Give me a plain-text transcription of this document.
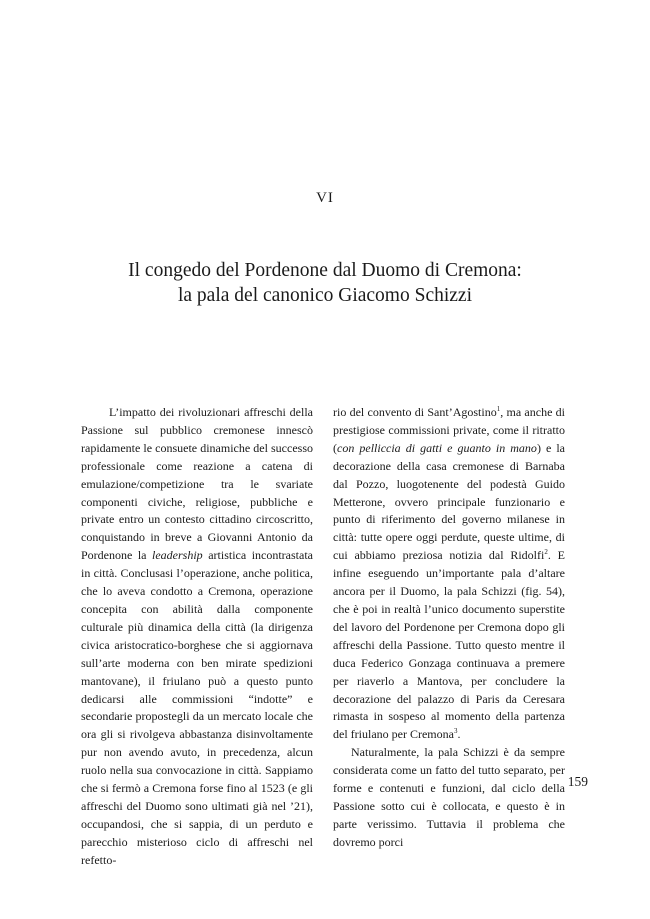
VI
Il congedo del Pordenone dal Duomo di Cremona:
la pala del canonico Giacomo Schizzi

L’impatto dei rivoluzionari affreschi della Passione sul pubblico cremonese innescò rapidamente le consuete dinamiche del successo professionale come reazione a catena di emulazione/competizione tra le svariate componenti civiche, religiose, pubbliche e private entro un contesto cittadino circoscritto, conquistando in breve a Giovanni Antonio da Pordenone la leadership artistica incontrastata in città. Conclusasi l’operazione, anche politica, che lo aveva condotto a Cremona, operazione concepita con abilità dalla componente culturale più dinamica della città (la dirigenza civica aristocratico-borghese che si aggiornava sull’arte moderna con ben mirate spedizioni mantovane), il friulano può a questo punto dedicarsi alle commissioni “indotte” e secondarie propostegli da un mercato locale che ora gli si rivolgeva abbastanza disinvoltamente pur non avendo avuto, in precedenza, alcun ruolo nella sua convocazione in città. Sappiamo che si fermò a Cremona forse fino al 1523 (e gli affreschi del Duomo sono ultimati già nel ’21), occupandosi, che si sappia, di un perduto e parecchio misterioso ciclo di affreschi nel refetto-

rio del convento di Sant’Agostino$^1$, ma anche di prestigiose commissioni private, come il ritratto (con pelliccia di gatti e guanto in mano) e la decorazione della casa cremonese di Barnaba dal Pozzo, luogotenente del podestà Guido Metterone, ovvero principale funzionario e punto di riferimento del governo milanese in città: tutte opere oggi perdute, queste ultime, di cui abbiamo preziosa notizia dal Ridolfi$^2$. E infine eseguendo un’importante pala d’altare ancora per il Duomo, la pala Schizzi (fig. 54), che è poi in realtà l’unico documento superstite del lavoro del Pordenone per Cremona dopo gli affreschi della Passione. Tutto questo mentre il duca Federico Gonzaga continuava a premere per riaverlo a Mantova, per concludere la decorazione del palazzo di Paris da Ceresara rimasta in sospeso al momento della partenza del friulano per Cremona$^3$.

Naturalmente, la pala Schizzi è da sempre considerata come un fatto del tutto separato, per forme e contenuti e funzioni, dal ciclo della Passione sotto cui è collocata, e questo è in parte verissimo. Tuttavia il problema che dovremo porci

159
